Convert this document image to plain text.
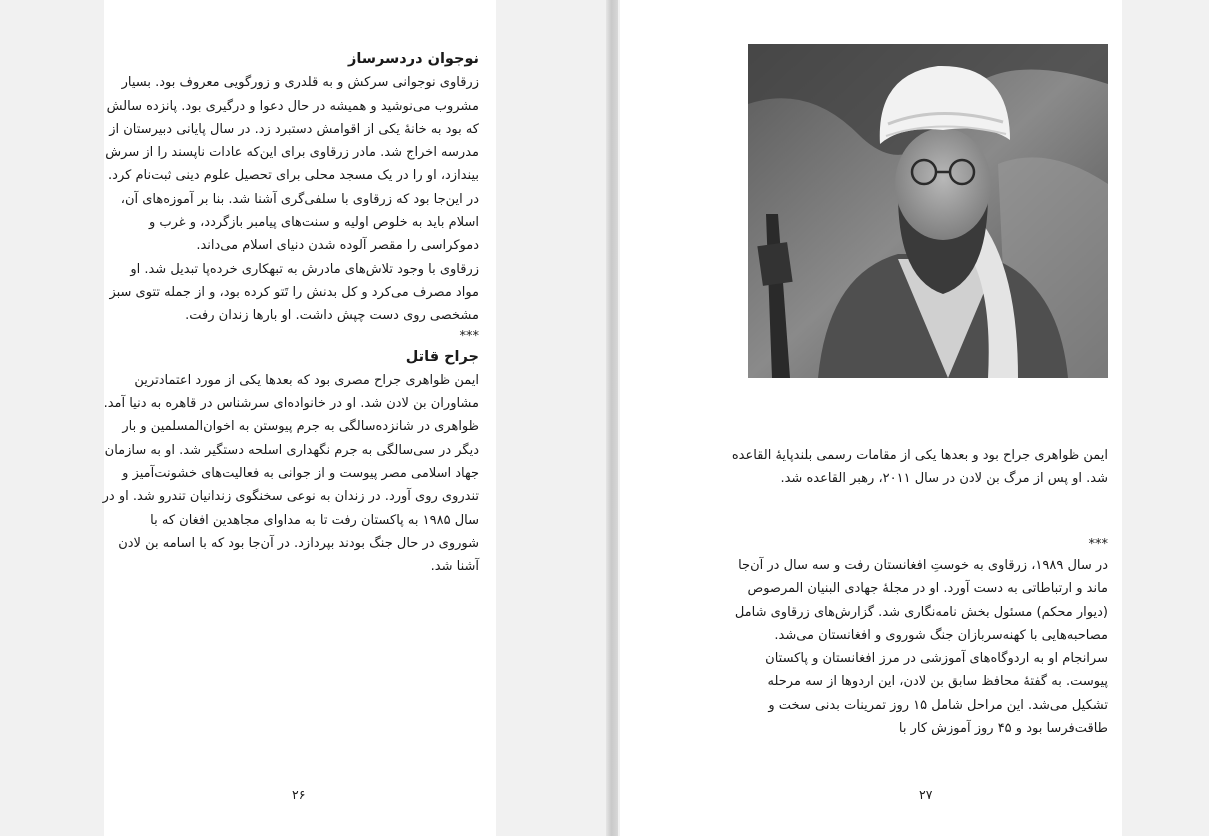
نوجوان دردسرساز
زرقاوی نوجوانی سرکش و به قلدری و زورگویی معروف بود. بسیار
مشروب می‌نوشید و همیشه در حال دعوا و درگیری بود. پانزده سالش
که بود به خانهٔ یکی از اقوامش دستبرد زد. در سال پایانی دبیرستان از
مدرسه اخراج شد. مادر زرقاوی برای این‌که عادات ناپسند را از سرش
بیندازد، او را در یک مسجد محلی برای تحصیل علوم دینی ثبت‌نام کرد.
در این‌جا بود که زرقاوی با سلفی‌گری آشنا شد. بنا بر آموزه‌های آن،
اسلام باید به خلوص اولیه و سنت‌های پیامبر بازگردد، و غرب و
دموکراسی را مقصر آلوده شدن دنیای اسلام می‌داند.
زرقاوی با وجود تلاش‌های مادرش به تبهکاری خرده‌پا تبدیل شد. او
مواد مصرف می‌کرد و کل بدنش را تَتو کرده بود، و از جمله تتوی سبز
مشخصی روی دست چپش داشت. او بارها زندان رفت.
***
جراح قاتل
ایمن ظواهری جراح مصری بود که بعدها یکی از مورد اعتمادترین
مشاوران بن لادن شد. او در خانواده‌ای سرشناس در قاهره به دنیا آمد.
ظواهری در شانزده‌سالگی به جرم پیوستن به اخوان‌المسلمین و بار
دیگر در سی‌سالگی به جرم نگهداری اسلحه دستگیر شد. او به سازمان
جهاد اسلامی مصر پیوست و از جوانی به فعالیت‌های خشونت‌آمیز و
تندروی روی آورد. در زندان به نوعی سخنگوی زندانیان تندرو شد. او در
سال ۱۹۸۵ به پاکستان رفت تا به مداوای مجاهدین افغان که با
شوروی در حال جنگ بودند بپردازد. در آن‌جا بود که با اسامه بن لادن
آشنا شد.
۲۶
ایمن ظواهری جراح بود و بعدها یکی از مقامات رسمی بلندپایهٔ القاعده
شد. او پس از مرگ بن لادن در سال ۲۰۱۱، رهبر القاعده شد.
***
در سال ۱۹۸۹، زرقاوی به خوستِ افغانستان رفت و سه سال در آن‌جا
ماند و ارتباطاتی به دست آورد. او در مجلهٔ جهادی البنیان المرصوص
(دیوار محکم) مسئول بخش نامه‌نگاری شد. گزارش‌های زرقاوی شامل
مصاحبه‌هایی با کهنه‌سربازان جنگ شوروی و افغانستان می‌شد.
سرانجام او به اردوگاه‌های آموزشی در مرز افغانستان و پاکستان
پیوست. به گفتهٔ محافظ سابق بن لادن، این اردوها از سه مرحله
تشکیل می‌شد. این مراحل شامل ۱۵ روز تمرینات بدنی سخت و
طاقت‌فرسا بود و ۴۵ روز آموزش کار با
۲۷
